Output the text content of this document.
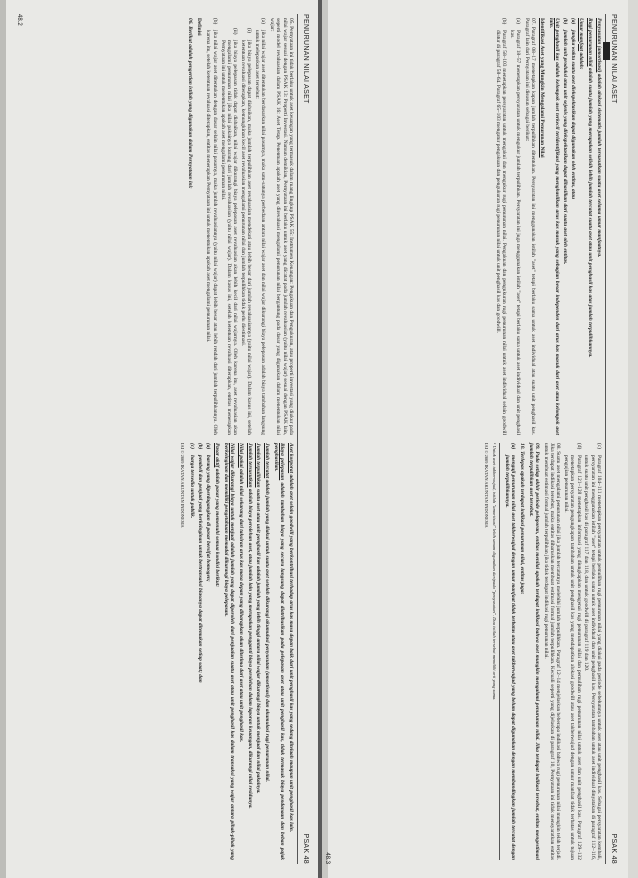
PENURUNAN NILAI ASET
PSAK 48

05. Pernyataan ini tidak berlaku untuk aset keuangan yang termasuk dalam ruang lingkup PSAK 55: Instrumen Keuangan: Pengakuan dan Pengukuran, atau properti investasi yang diukur pada nilai wajar sesuai dengan PSAK 13: Properti Investasi. Namun demikian, Pernyataan ini berlaku untuk aset yang dicatat pada jumlah revaluasian (yaitu nilai wajar) sesuai dengan PSAK lain, seperti model revaluasian dalam PSAK 16: Aset Tetap. Penentuan apakah aset yang direvaluasi mengalami penurunan nilai bergantung pada dasar yang digunakan dalam menentukan nilai wajar:

(a)
jika nilai wajar aset ditentukan berdasarkan nilai pasarnya, maka satu-satunya perbedaan antara nilai wajar aset dan nilai wajar dikurangi biaya pelepasan adalah biaya tambahan langsung untuk melepaskan aset tersebut:
(i)
jika biaya pelepasan dapat diabaikan, maka jumlah terpulihkan aset revaluasian mendekati atau lebih besar dari jumlah revaluasiannya (yaitu nilai wajar). Dalam kasus ini, setelah ketentuan revaluasi diterapkan, kemungkinan kecil aset revaluasian mengalami penurunan nilai dan jumlah terpulihkan tidak perlu diestimasi.
(ii)
jika biaya pelepasan tidak dapat diabaikan, nilai wajar dikurangi biaya pelepasan aset revaluasian akan lebih kecil dari nilai wajarnya. Oleh karena itu, aset revaluasian akan mengalami penurunan nilai jika nilai pakainya kurang dari jumlah revaluasian (yaitu nilai wajar). Dalam kasus ini, setelah ketentuan revaluasi diterapkan, entitas menerapkan Pernyataan ini untuk menentukan apakah aset mengalami penurunan nilai.
(b)
jika nilai wajar aset ditentukan dengan dasar selain nilai pasarnya, maka jumlah revaluasiannya (yaitu nilai wajar) dapat lebih besar atau lebih rendah dari jumlah terpulihkannya. Oleh karena itu, setelah ketentuan revaluasi diterapkan, entitas menerapkan Pernyataan ini untuk menentukan apakah aset mengalami penurunan nilai.

Definisi

06. Berikut adalah pengertian istilah yang digunakan dalam Pernyataan ini:

Aset korporat adalah aset selain goodwill yang berkontribusi terhadap arus kas masa depan baik dari unit penghasil kas yang sedang ditelaah maupun unit penghasil kas lain.

Biaya pelepasan adalah tambahan biaya yang secara langsung dapat diatribusikan pada pelepasan aset atau unit penghasil kas, tidak termasuk biaya pendanaan dan beban pajak penghasilan.

Jumlah tercatat adalah jumlah yang diakui untuk suatu aset setelah dikurangi akumulasi penyusutan (amortisasi) dan akumulasi rugi penurunan nilai.

Jumlah terpulihkan suatu aset atau unit penghasil kas adalah jumlah yang lebih tinggi antara nilai wajar dikurangi biaya untuk menjual dan nilai pakainya.

Jumlah tersusutkan adalah biaya perolehan aset, atau jumlah lain yang merupakan pengganti biaya perolehan dalam laporan keuangan, dikurangi nilai residunya.

Nilai pakai adalah nilai sekarang dari taksiran arus kas masa depan yang diharapkan akan diterima dari aset atau unit penghasil kas.

Nilai wajar dikurangi biaya untuk menjual adalah jumlah yang dapat diperoleh dari penjualan suatu aset atau unit penghasil kas dalam transaksi yang wajar antara pihak-pihak yang berkeinginan dan memiliki pengetahuan memadai dikurangi biaya pelepasan.

Pasar aktif adalah pasar yang memenuhi semua kondisi berikut:

(a)
barang yang diperdagangkan di pasar bersifat homogen;
(b)
pembeli dan penjual yang berkeinginan untuk bertransaksi biasanya dapat ditemukan setiap saat; dan
(c)
harga tersedia untuk publik.

IAI © 2009 IKATAN AKUNTAN INDONESIA

48.2	PENURUNAN NILAI ASET
PSAK 48

Penyusutan (amortisasi) adalah alokasi sistematis jumlah tersusutkan suatu aset selama umur manfaatnya.

Rugi penurunan nilai adalah suatu jumlah yang merupakan selisih lebih jumlah tercatat suatu aset atau unit penghasil kas atas jumlah terpulihkannya.

Umur manfaat adalah:

(a)
jangka waktu suatu aset diekspektasikan dapat digunakan oleh entitas, atau
(b)
jumlah unit produksi atau unit sejenis yang diekspektasikan dapat dihasilkan dari suatu aset oleh entitas.

Unit penghasil kas adalah kelompok aset terkecil teridentifikasi yang menghasilkan arus kas masuk yang sebagian besar independen dari arus kas masuk dari aset atau kelompok aset lain.

Identifikasi Aset yang Mungkin Mengalami Penurunan Nilai

07. Paragraf 08–17 menetapkan kapan jumlah terpulihkan ditentukan. Persyaratan ini menggunakan istilah "aset" tetapi berlaku sama untuk aset individual atau suatu unit penghasil kas. Paragraf lain dari Pernyataan ini disusun sebagai berikut:

(a)
Paragraf 18–57 menetapkan persyaratan untuk mengukur jumlah terpulihkan. Persyaratan ini juga menggunakan istilah "aset" tetapi berlaku sama untuk aset individual dan unit penghasil kas.
(b)
Paragraf 58–103 menetapkan persyaratan untuk mengakui dan mengukur rugi penurunan nilai. Pengakuan dan pengukuran rugi penurunan nilai untuk aset individual selain goodwill diatur di paragraf 58–64. Paragraf 65–103 mengatur pengakuan dan pengukuran rugi penurunan nilai untuk unit penghasil kas dan goodwill.
(c)
Paragraf 104–111 menetapkan persyaratan untuk pemulihan rugi penurunan nilai yang diakui pada periode sebelumnya untuk aset atau unit penghasil kas. Sebagai persyaratan kembali, persyaratan ini menggunakan istilah "aset" tetapi berlaku sama untuk aset individual dan unit penghasil kas. Persyaratan tambahan untuk aset individual dinyatakan di paragraf 112–116, untuk suatu unit penghasil kas di paragraf 117 dan 118, dan untuk goodwill di paragraf 119 dan 120.
(d)
Paragraf 121–128 menetapkan informasi yang diungkapkan mengenai rugi penurunan nilai dan pemulihan rugi penurunan nilai untuk aset dan unit penghasil kas. Paragraf 129–132 menetapkan persyaratan pengungkapan tambahan untuk unit penghasil kas yang mendapatkan alokasi goodwill atau aset takberwujud dengan umur manfaat tidak terbatas untuk tujuan pengujian penurunan nilai.

08. Suatu aset mengalami penurunan nilai jika jumlah tercatatnya melebihi jumlah terpulihkan. Paragraf 12–14 menjelaskan beberapa indikasi bahwa rugi penurunan nilai mungkin telah terjadi. Jika terdapat indikasi tersebut, maka entitas diharuskan membuat estimasi formal jumlah terpulihkan. Kecuali seperti yang dijelaskan di paragraf 10, Pernyataan ini tidak mensyaratkan entitas untuk membuat estimasi formal jumlah terpulihkan jika tidak terdapat indikasi rugi penurunan nilai.

09. Pada setiap akhir periode pelaporan, entitas menilai apakah terdapat indikasi bahwa aset mungkin mengalami penurunan nilai. Jika terdapat indikasi tersebut, entitas mengestimasi jumlah terpulihkan aset tersebut.

10. Terlepas apakah terdapat indikasi penurunan nilai, entitas juga:

(a)
menguji penurunan nilai aset takberwujud dengan umur manfaat tidak terbatas atau aset takberwujud yang belum dapat digunakan dengan membandingkan jumlah tercatat dengan jumlah terpulihkannya.
¹ Untuk aset takberwujud, istilah "amortisasi" lebih umum digunakan daripada "penyusutan". Dua istilah tersebut memiliki arti yang sama.

IAI © 2009 IKATAN AKUNTAN INDONESIA

48.3
